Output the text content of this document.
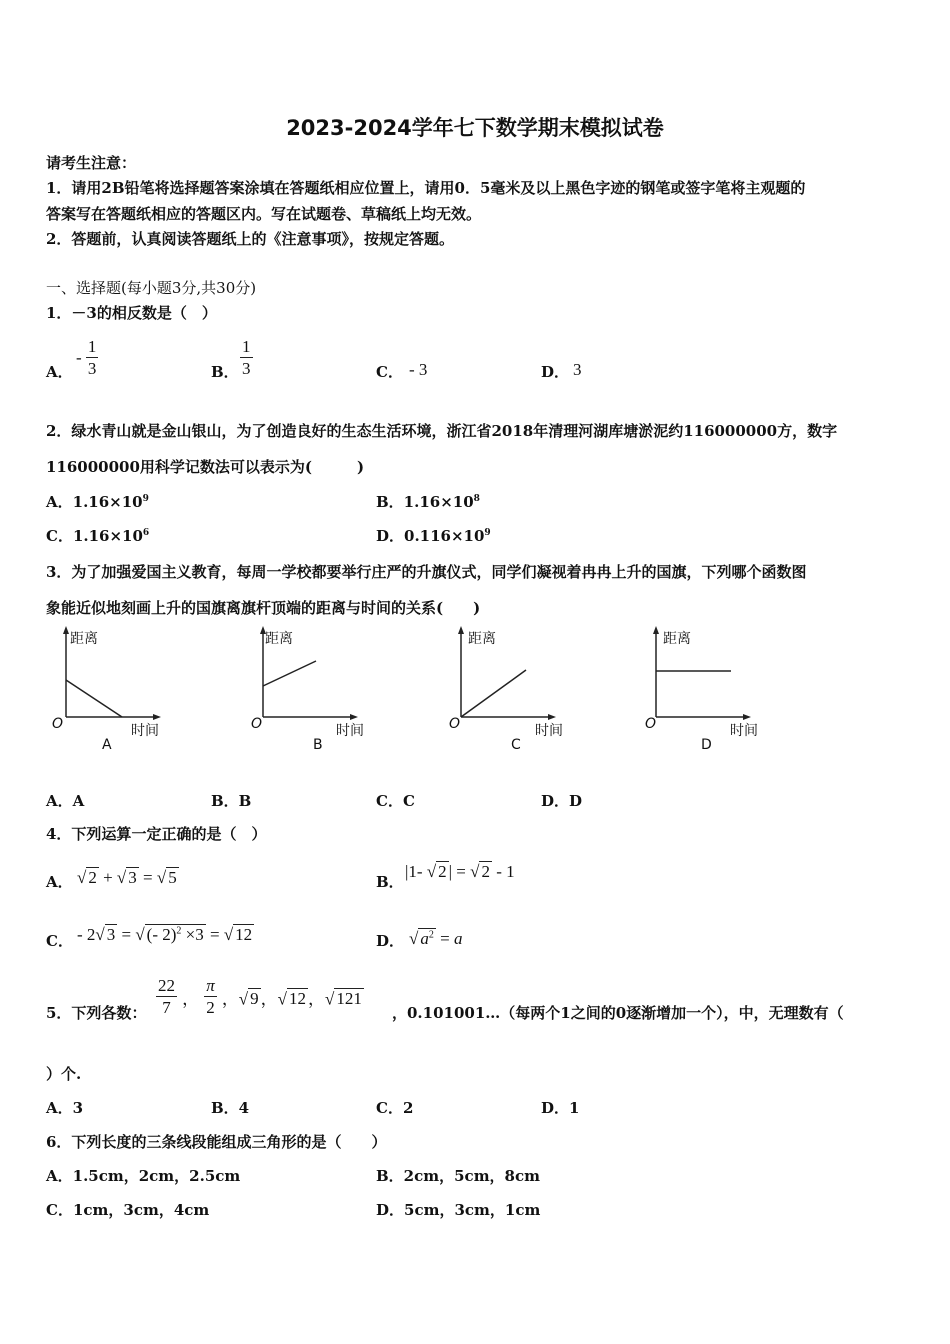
2023-2024学年七下数学期末模拟试卷
请考生注意：
1．请用2B铅笔将选择题答案涂填在答题纸相应位置上，请用0．5毫米及以上黑色字迹的钢笔或签字笔将主观题的
答案写在答题纸相应的答题区内。写在试题卷、草稿纸上均无效。
2．答题前，认真阅读答题纸上的《注意事项》，按规定答题。
一、选择题(每小题3分,共30分)
1．－3的相反数是（　）
A．
- $\frac{1}{3}$	B． $\frac{1}{3}$	C． - 3	D． 3
2．绿水青山就是金山银山，为了创造良好的生态生活环境，浙江省2018年清理河湖库塘淤泥约116000000方，数字
116000000用科学记数法可以表示为(　　　)
A．$1.16\times 10^9$	B．$1.16\times 10^8$
C．$1.16\times 10^6$	D．$0.116\times 10^9$
3．为了加强爱国主义教育，每周一学校都要举行庄严的升旗仪式，同学们凝视着冉冉上升的国旗，下列哪个函数图
象能近似地刻画上升的国旗离旗杆顶端的距离与时间的关系(　　)
距离
时间
O
A
距离
时间
O
B
距离
时间
O
C
距离
时间
O
D
A．A	B．B	C．C	D．D
4．下列运算一定正确的是（　）
A． √ 2 + √ 3 = √ 5	B．
|1- √ 2 | = √ 2 - 1
C． - 2√ 3 = √ (- 2)$^2$ ×3 = √ 12	D． √ $a^2 = a$
5．下列各数： $\frac{22}{7}$ ， $\frac{\pi}{2}$ ，√ 9 ，√ 12 ，√ 121
，0.101001…（每两个1之间的0逐渐增加一个），中，无理数有（
）个.
A．3	B．4	C．2	D．1
6．下列长度的三条线段能组成三角形的是（　　）
A．1.5cm，2cm，2.5cm	B．2cm，5cm，8cm
C．1cm，3cm，4cm	D．5cm，3cm，1cm
